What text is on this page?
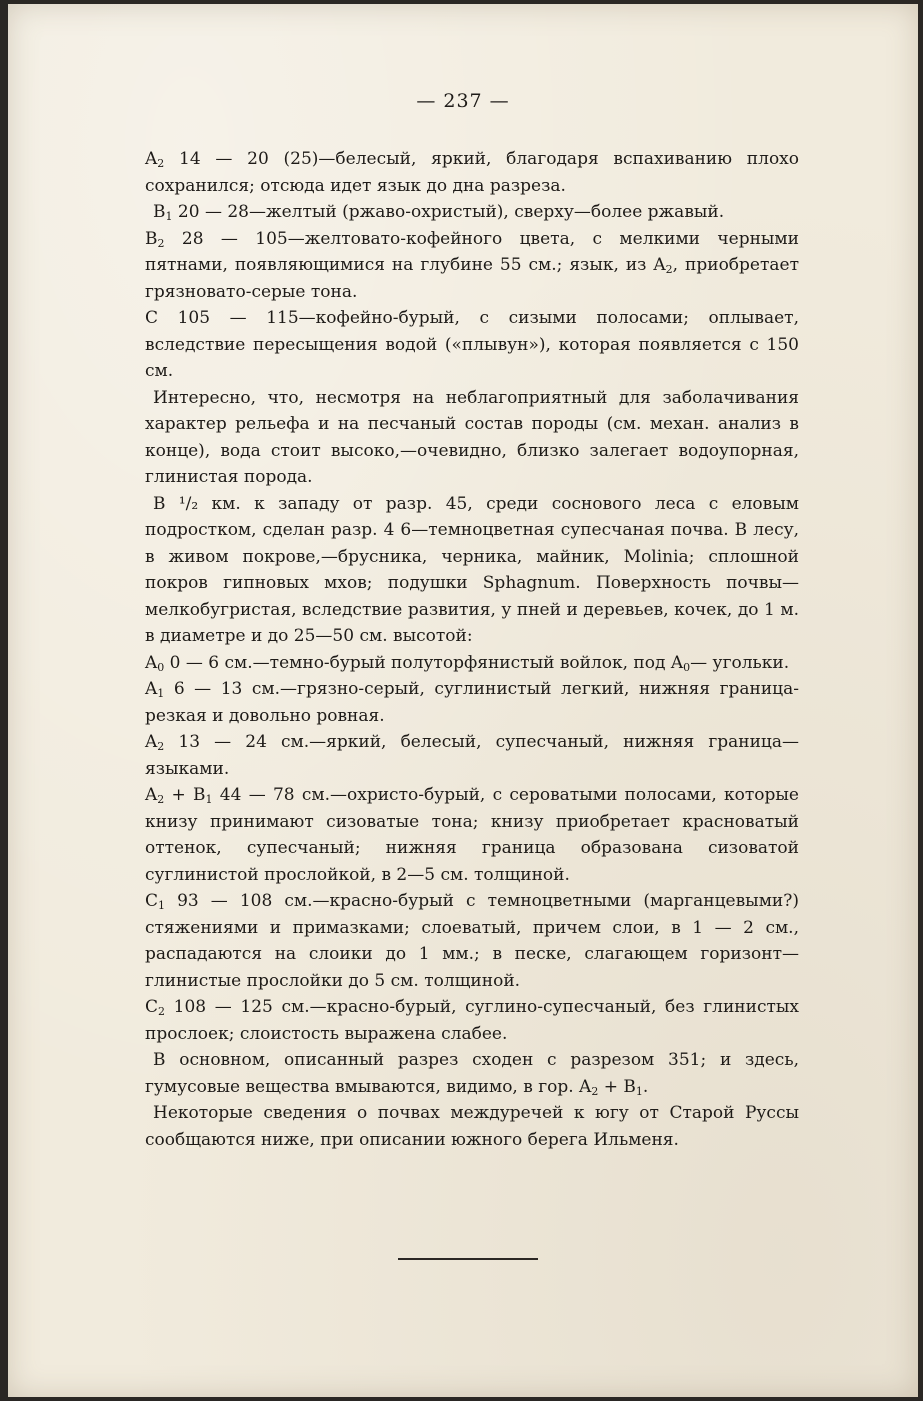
— 237 —

$A_2$ 14 — 20 (25)—белесый, яркий, благодаря вспахиванию плохо сохранился; отсюда идет язык до дна разреза.

$B_1$ 20 — 28—желтый (ржаво-охристый), сверху—более ржавый.

$B_2$ 28 — 105—желтовато-кофейного цвета, с мелкими черными пятнами, появляющимися на глубине 55 см.; язык, из $A_2$, приобретает грязновато-серые тона.

C 105 — 115—кофейно-бурый, с сизыми полосами; оплывает, вследствие пересыщения водой («плывун»), которая появляется с 150 см.

Интересно, что, несмотря на неблагоприятный для заболачивания характер рельефа и на песчаный состав породы (см. механ. анализ в конце), вода стоит высоко,—очевидно, близко залегает водоупорная, глинистая порода.

В ¹/₂ км. к западу от разр. 45, среди соснового леса с еловым подростком, сделан разр. 4 6—темноцветная супесчаная почва. В лесу, в живом покрове,—брусника, черника, майник, Molinia; сплошной покров гипновых мхов; подушки Sphagnum. Поверхность почвы—мелкобугристая, вследствие развития, у пней и деревьев, кочек, до 1 м. в диаметре и до 25—50 см. высотой:

$A_0$ 0 — 6 см.—темно-бурый полуторфянистый войлок, под $A_0—$ угольки.

$A_1$ 6 — 13 см.—грязно-серый, суглинистый легкий, нижняя граница-резкая и довольно ровная.

$A_2$ 13 — 24 см.—яркий, белесый, супесчаный, нижняя граница—языками.

$A_2 + B_1$ 44 — 78 см.—охристо-бурый, с сероватыми полосами, которые книзу принимают сизоватые тона; книзу приобретает красноватый оттенок, супесчаный; нижняя граница образована сизоватой суглинистой прослойкой, в 2—5 см. толщиной.

$C_1$ 93 — 108 см.—красно-бурый с темноцветными (марганцевыми?) стяжениями и примазками; слоеватый, причем слои, в 1 — 2 см., распадаются на слоики до 1 мм.; в песке, слагающем горизонт—глинистые прослойки до 5 см. толщиной.

$C_2$ 108 — 125 см.—красно-бурый, суглино-супесчаный, без глинистых прослоек; слоистость выражена слабее.

В основном, описанный разрез сходен с разрезом 351; и здесь, гумусовые вещества вмываются, видимо, в гор. $A_2 + B_1$.

Некоторые сведения о почвах междуречей к югу от Старой Руссы сообщаются ниже, при описании южного берега Ильменя.
